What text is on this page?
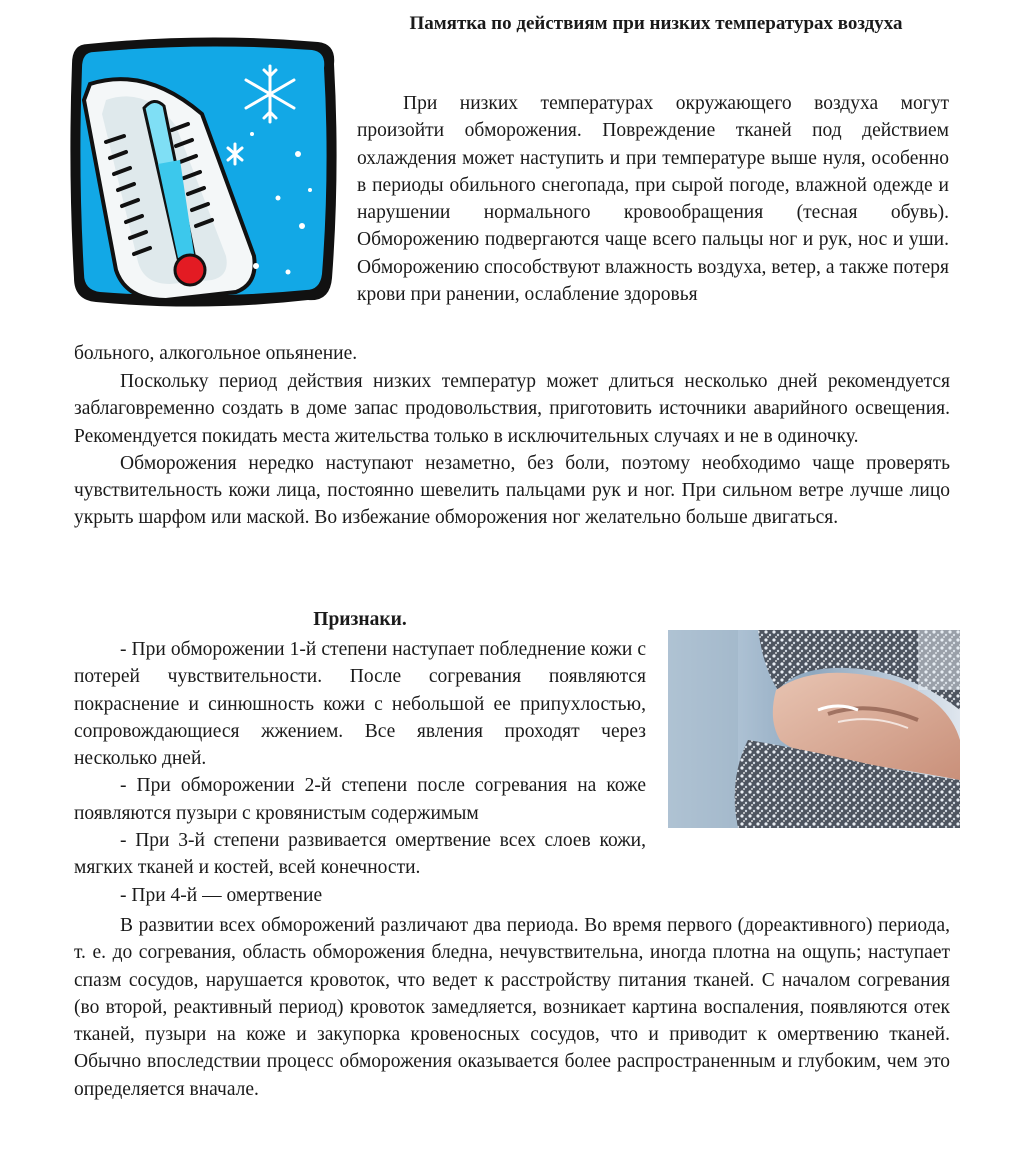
Памятка по действиям при низких температурах воздуха

При низких температурах окружающего воздуха могут произойти обморожения. Повреждение тканей под действием охлаждения может наступить и при температуре выше нуля, особенно в периоды обильного снегопада, при сырой погоде, влажной одежде и нарушении нормального кровообращения (тесная обувь). Обморожению подвергаются чаще всего пальцы ног и рук, нос и уши. Обморожению способствуют влажность воздуха, ветер, а также потеря крови при ранении, ослабление здоровья

больного, алкогольное опьянение.

Поскольку период действия низких температур может длиться несколько дней рекомендуется заблаговременно создать в доме запас продовольствия, приготовить источники аварийного освещения. Рекомендуется покидать места жительства только в исключительных случаях и не в одиночку.

Обморожения нередко наступают незаметно, без боли, поэтому необходимо чаще проверять чувствительность кожи лица, постоянно шевелить пальцами рук и ног. При сильном ветре лучше лицо укрыть шарфом или маской. Во избежание обморожения ног желательно больше двигаться.

Признаки.

- При обморожении 1-й степени наступает побледнение кожи с потерей чувствительности. После согревания появляются покраснение и синюшность кожи с небольшой ее припухлостью, сопровождающиеся жжением. Все явления проходят через несколько дней.

- При обморожении 2-й степени после согревания на коже появляются пузыри с кровянистым содержимым

- При 3-й степени развивается омертвение всех слоев кожи, мягких тканей и костей, всей конечности.

- При 4-й — омертвение

В развитии всех обморожений различают два периода. Во время первого (дореактивного) периода, т. е. до согревания, область обморожения бледна, нечувствительна, иногда плотна на ощупь; наступает спазм сосудов, нарушается кровоток, что ведет к расстройству питания тканей. С началом согревания (во второй, реактивный период) кровоток замедляется, возникает картина воспаления, появляются отек тканей, пузыри на коже и закупорка кровеносных сосудов, что и приводит к омертвению тканей. Обычно впоследствии процесс обморожения оказывается более распространенным и глубоким, чем это определяется вначале.
